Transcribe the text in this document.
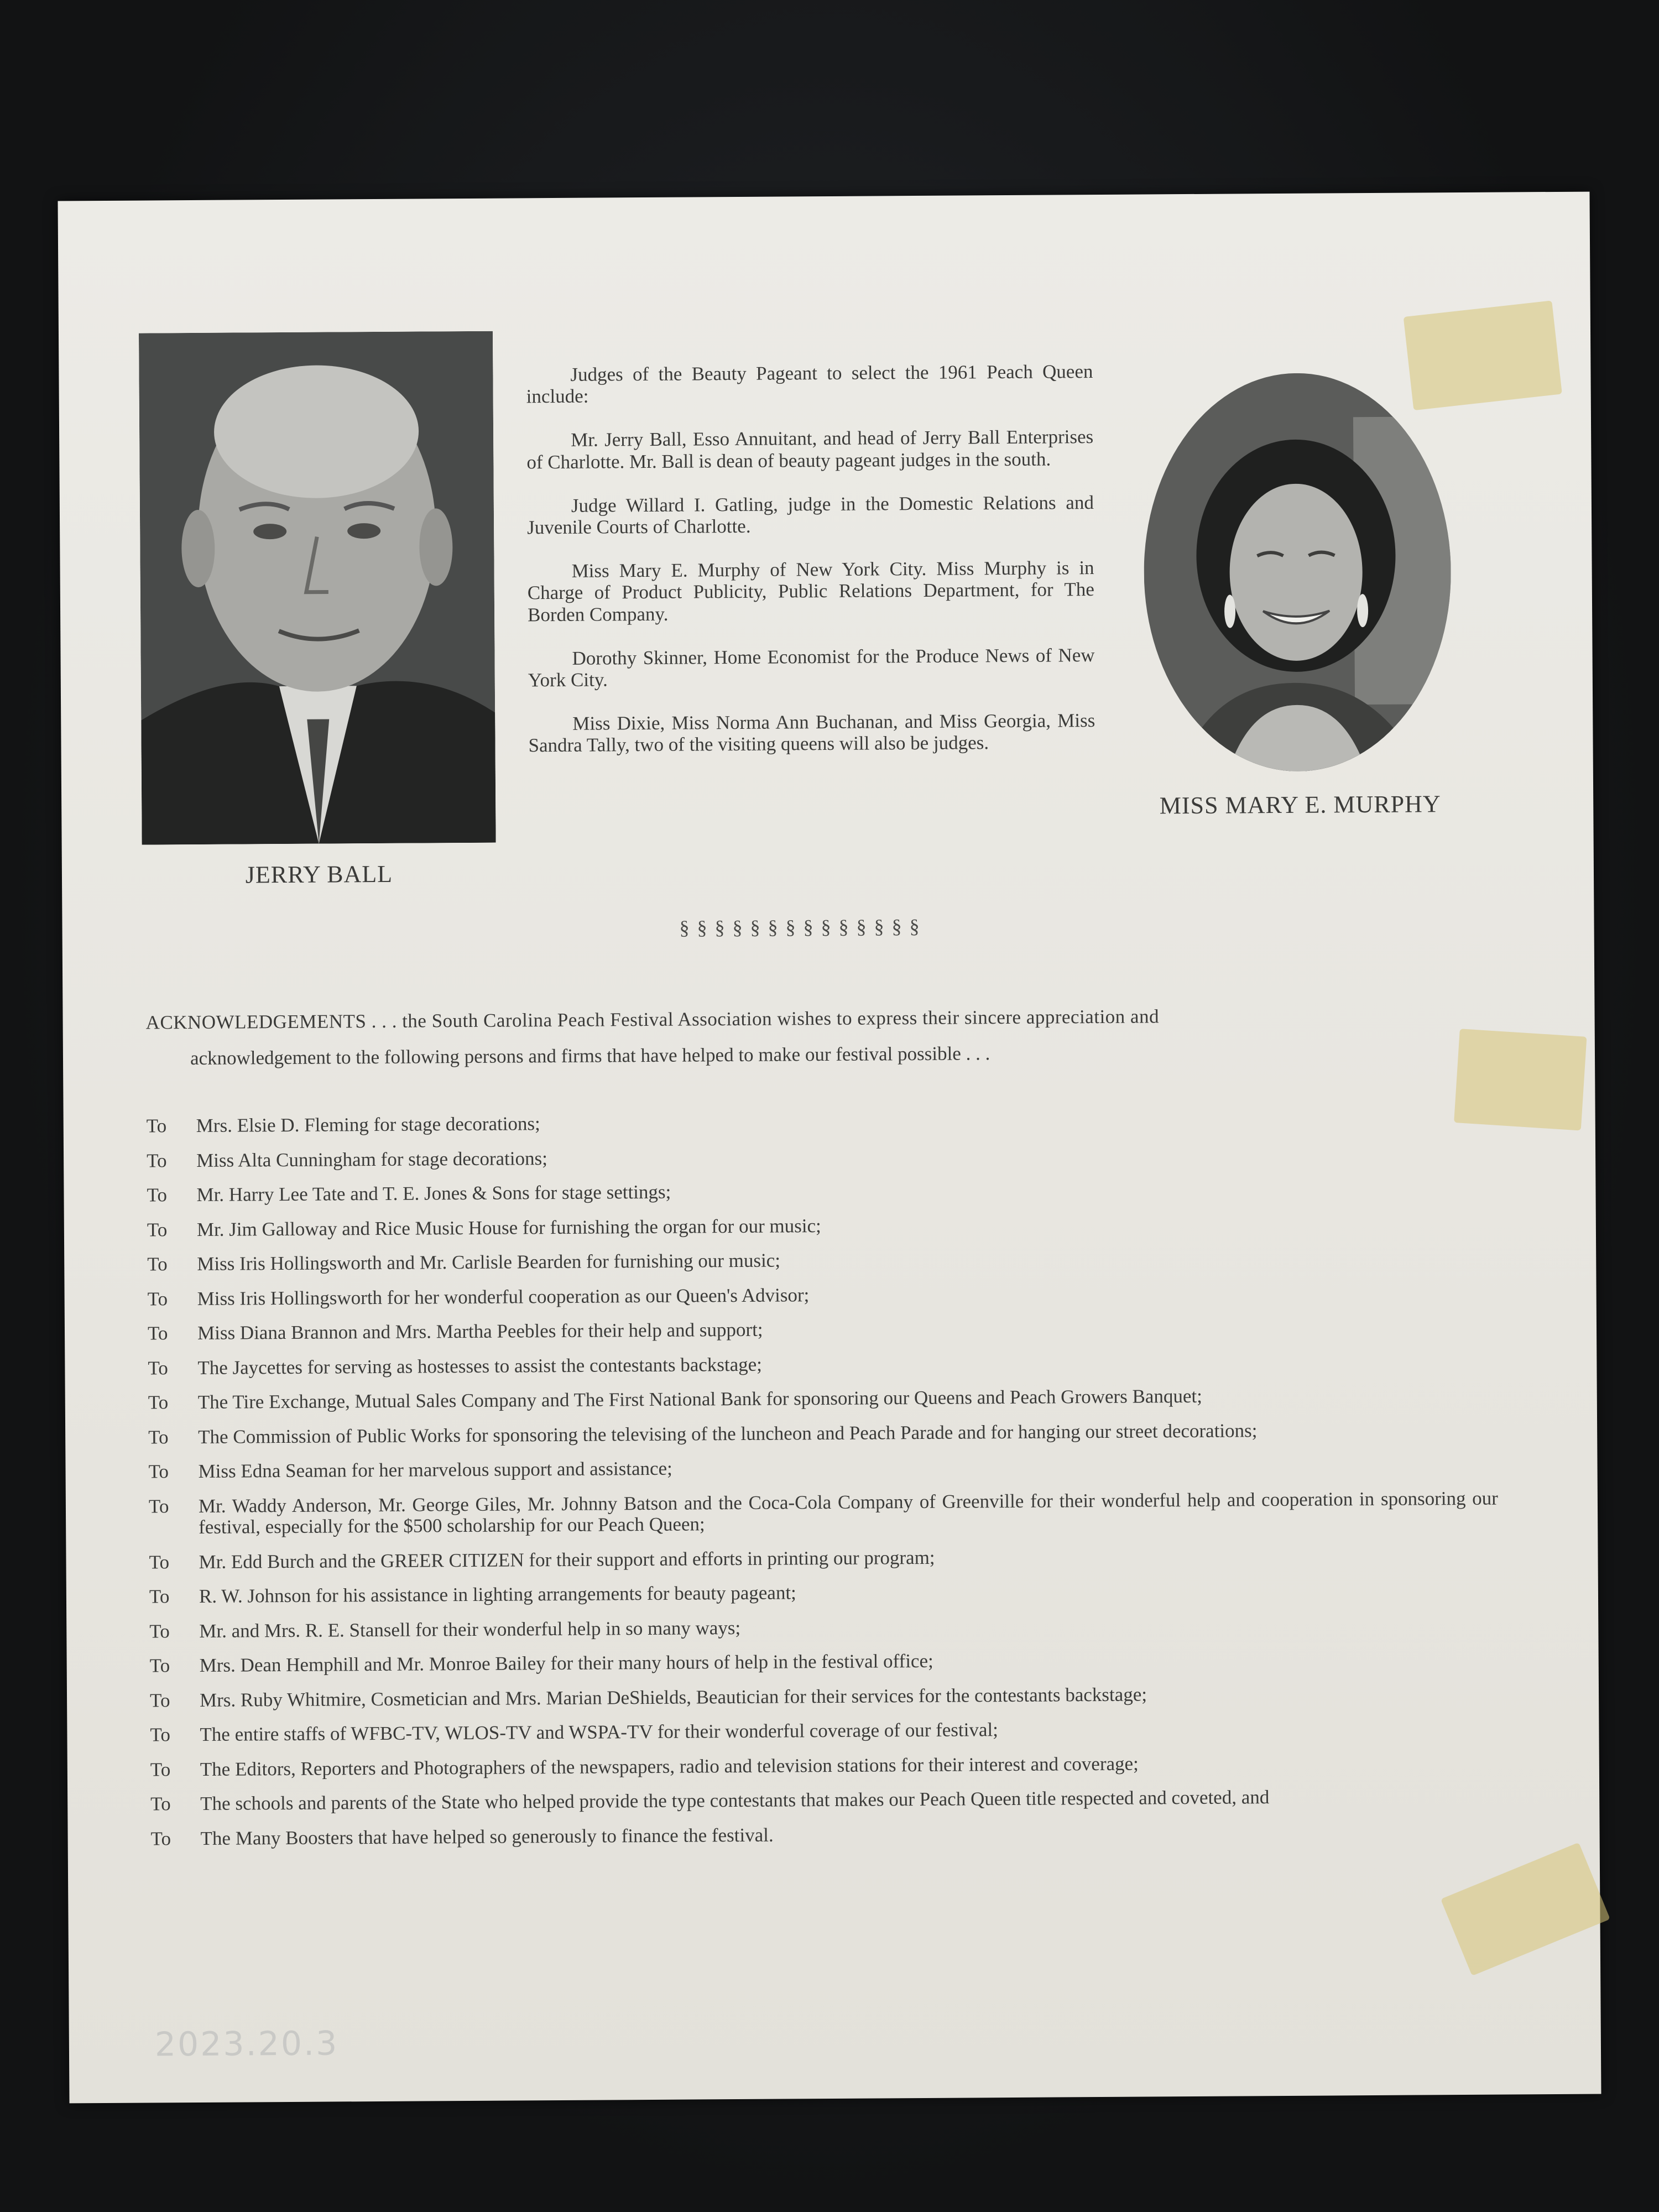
JERRY BALL

Judges of the Beauty Pageant to select the 1961 Peach Queen include:

Mr. Jerry Ball, Esso Annuitant, and head of Jerry Ball Enterprises of Charlotte. Mr. Ball is dean of beauty pageant judges in the south.

Judge Willard I. Gatling, judge in the Domestic Relations and Juvenile Courts of Charlotte.

Miss Mary E. Murphy of New York City. Miss Murphy is in Charge of Product Publicity, Public Relations Department, for The Borden Company.

Dorothy Skinner, Home Economist for the Produce News of New York City.

Miss Dixie, Miss Norma Ann Buchanan, and Miss Georgia, Miss Sandra Tally, two of the visiting queens will also be judges.

MISS MARY E. MURPHY
§§§§§§§§§§§§§§
ACKNOWLEDGEMENTS . . . the South Carolina Peach Festival Association wishes to express their sincere appreciation and
acknowledgement to the following persons and firms that have helped to make our festival possible . . .
To	Mrs. Elsie D. Fleming for stage decorations;
To	Miss Alta Cunningham for stage decorations;
To	Mr. Harry Lee Tate and T. E. Jones & Sons for stage settings;
To	Mr. Jim Galloway and Rice Music House for furnishing the organ for our music;
To	Miss Iris Hollingsworth and Mr. Carlisle Bearden for furnishing our music;
To	Miss Iris Hollingsworth for her wonderful cooperation as our Queen's Advisor;
To	Miss Diana Brannon and Mrs. Martha Peebles for their help and support;
To	The Jaycettes for serving as hostesses to assist the contestants backstage;
To	The Tire Exchange, Mutual Sales Company and The First National Bank for sponsoring our Queens and Peach Growers Banquet;
To	The Commission of Public Works for sponsoring the televising of the luncheon and Peach Parade and for hanging our street decorations;
To	Miss Edna Seaman for her marvelous support and assistance;
To	Mr. Waddy Anderson, Mr. George Giles, Mr. Johnny Batson and the Coca-Cola Company of Greenville for their wonderful help and cooperation in sponsoring our festival, especially for the $500 scholarship for our Peach Queen;
To	Mr. Edd Burch and the GREER CITIZEN for their support and efforts in printing our program;
To	R. W. Johnson for his assistance in lighting arrangements for beauty pageant;
To	Mr. and Mrs. R. E. Stansell for their wonderful help in so many ways;
To	Mrs. Dean Hemphill and Mr. Monroe Bailey for their many hours of help in the festival office;
To	Mrs. Ruby Whitmire, Cosmetician and Mrs. Marian DeShields, Beautician for their services for the contestants backstage;
To	The entire staffs of WFBC-TV, WLOS-TV and WSPA-TV for their wonderful coverage of our festival;
To	The Editors, Reporters and Photographers of the newspapers, radio and television stations for their interest and coverage;
To	The schools and parents of the State who helped provide the type contestants that makes our Peach Queen title respected and coveted, and
To	The Many Boosters that have helped so generously to finance the festival.
2023.20.3
